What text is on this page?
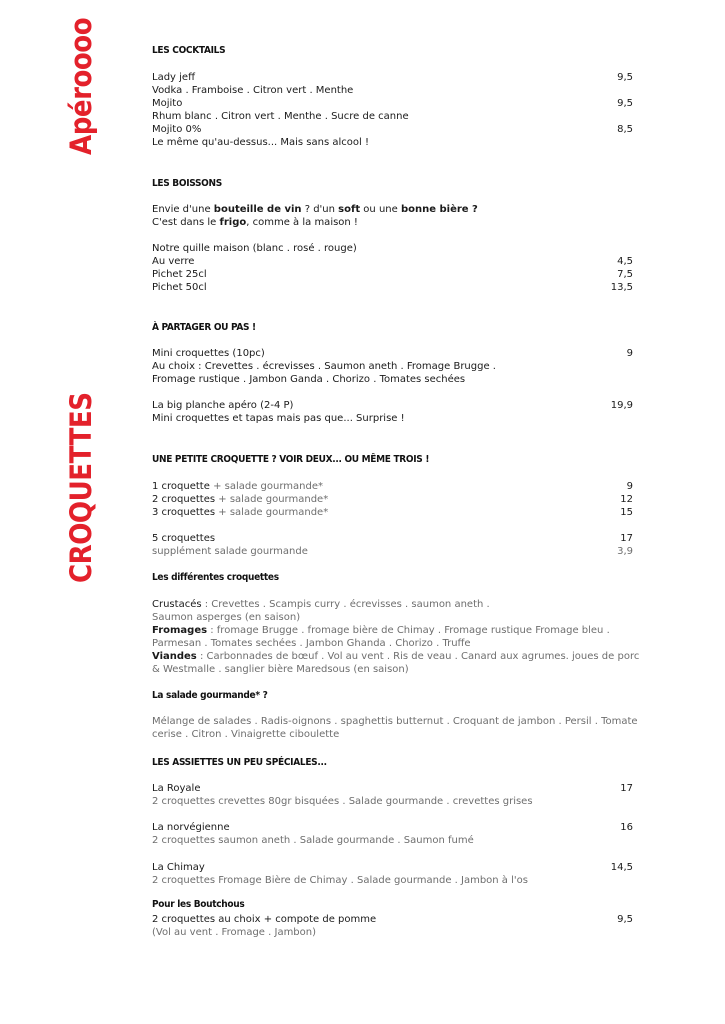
Apéroooo
CROQUETTES
LES COCKTAILS
Lady jeff	9,5
Vodka . Framboise . Citron vert . Menthe
Mojito	9,5
Rhum blanc . Citron vert . Menthe . Sucre de canne
Mojito 0%	8,5
Le même qu'au-dessus... Mais sans alcool !
LES BOISSONS
Envie d'une bouteille de vin ? d'un soft ou une bonne bière ?
C'est dans le frigo, comme à la maison !
Notre quille maison (blanc . rosé . rouge)
Au verre	4,5
Pichet 25cl	7,5
Pichet 50cl	13,5
À PARTAGER OU PAS !
Mini croquettes (10pc)	9
Au choix : Crevettes . écrevisses . Saumon aneth . Fromage Brugge .
Fromage rustique . Jambon Ganda . Chorizo . Tomates sechées
La big planche apéro (2-4 P)	19,9
Mini croquettes et tapas mais pas que... Surprise !
UNE PETITE CROQUETTE ? VOIR DEUX... OU MÊME TROIS !
1 croquette + salade gourmande*	9
2 croquettes + salade gourmande*	12
3 croquettes + salade gourmande*	15
5 croquettes	17
supplément salade gourmande	3,9
Les différentes croquettes
Crustacés : Crevettes . Scampis curry . écrevisses . saumon aneth .
Saumon asperges (en saison)
Fromages : fromage Brugge . fromage bière de Chimay . Fromage rustique Fromage bleu .
Parmesan . Tomates sechées . Jambon Ghanda . Chorizo . Truffe
Viandes : Carbonnades de bœuf . Vol au vent . Ris de veau . Canard aux agrumes. joues de porc
& Westmalle . sanglier bière Maredsous (en saison)
La salade gourmande* ?
Mélange de salades . Radis-oignons . spaghettis butternut . Croquant de jambon . Persil . Tomate
cerise . Citron . Vinaigrette ciboulette
LES ASSIETTES UN PEU SPÉCIALES...
La Royale	17
2 croquettes crevettes 80gr bisquées . Salade gourmande . crevettes grises
La norvégienne	16
2 croquettes saumon aneth . Salade gourmande . Saumon fumé
La Chimay	14,5
2 croquettes Fromage Bière de Chimay . Salade gourmande . Jambon à l'os
Pour les Boutchous
2 croquettes au choix + compote de pomme	9,5
(Vol au vent . Fromage . Jambon)
